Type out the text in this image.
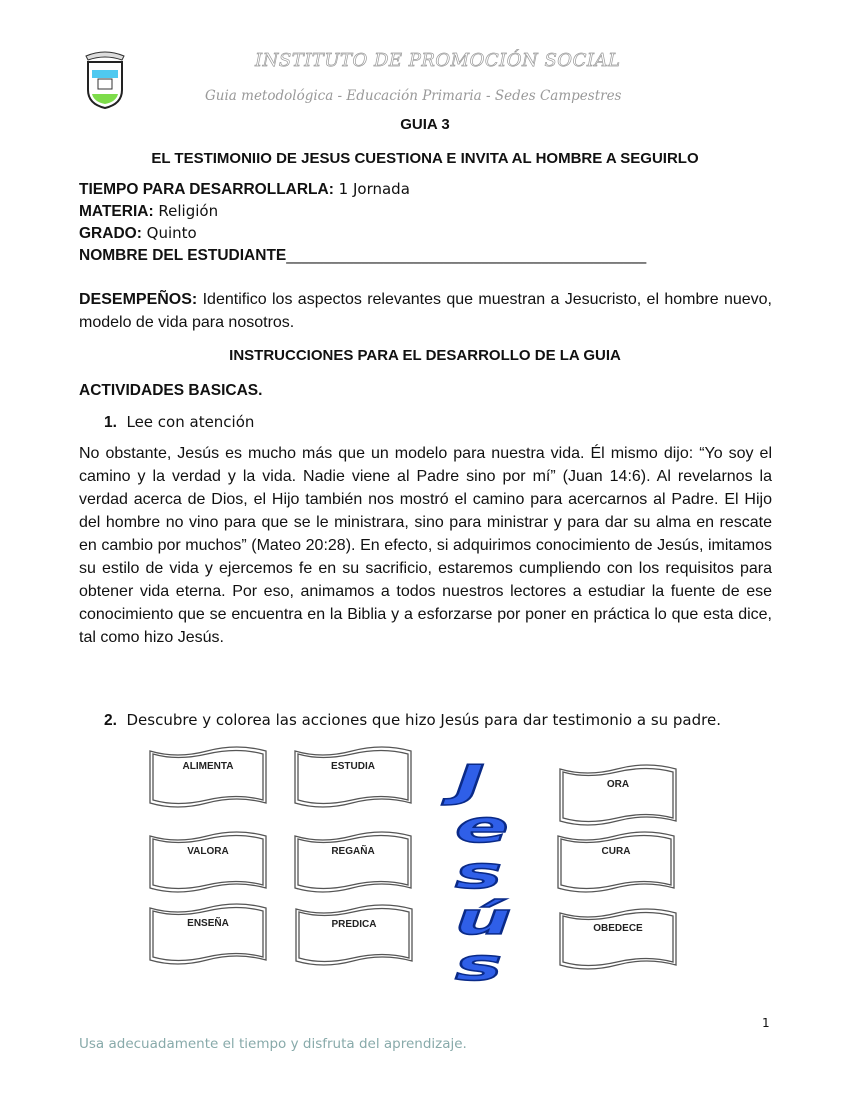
INSTITUTO DE PROMOCIÓN SOCIAL
Guia metodológica - Educación Primaria - Sedes Campestres
GUIA 3
EL TESTIMONIIO DE JESUS CUESTIONA E INVITA AL HOMBRE A SEGUIRLO
TIEMPO PARA DESARROLLARLA: 1 Jornada
MATERIA: Religión
GRADO: Quinto
NOMBRE DEL ESTUDIANTE________________________________________________
DESEMPEÑOS: Identifico los aspectos relevantes que muestran a Jesucristo, el hombre nuevo, modelo de vida para nosotros.
INSTRUCCIONES PARA EL DESARROLLO DE LA GUIA
ACTIVIDADES BASICAS.
1. Lee con atención
No obstante, Jesús es mucho más que un modelo para nuestra vida. Él mismo dijo: “Yo soy el camino y la verdad y la vida. Nadie viene al Padre sino por mí” (Juan 14:6). Al revelarnos la verdad acerca de Dios, el Hijo también nos mostró el camino para acercarnos al Padre. El Hijo del hombre no vino para que se le ministrara, sino para ministrar y para dar su alma en rescate en cambio por muchos” (Mateo 20:28). En efecto, si adquirimos conocimiento de Jesús, imitamos su estilo de vida y ejercemos fe en su sacrificio, estaremos cumpliendo con los requisitos para obtener vida eterna. Por eso, animamos a todos nuestros lectores a estudiar la fuente de ese conocimiento que se encuentra en la Biblia y a esforzarse por poner en práctica lo que esta dice, tal como hizo Jesús.
2. Descubre y colorea las acciones que hizo Jesús para dar testimonio a su padre.
ALIMENTA	ESTUDIA
ORA
VALORA	REGAÑA	CURA
ENSEÑA	PREDICA	OBEDECE
J
e
s
ú
s
1
Usa adecuadamente el tiempo y disfruta del aprendizaje.
